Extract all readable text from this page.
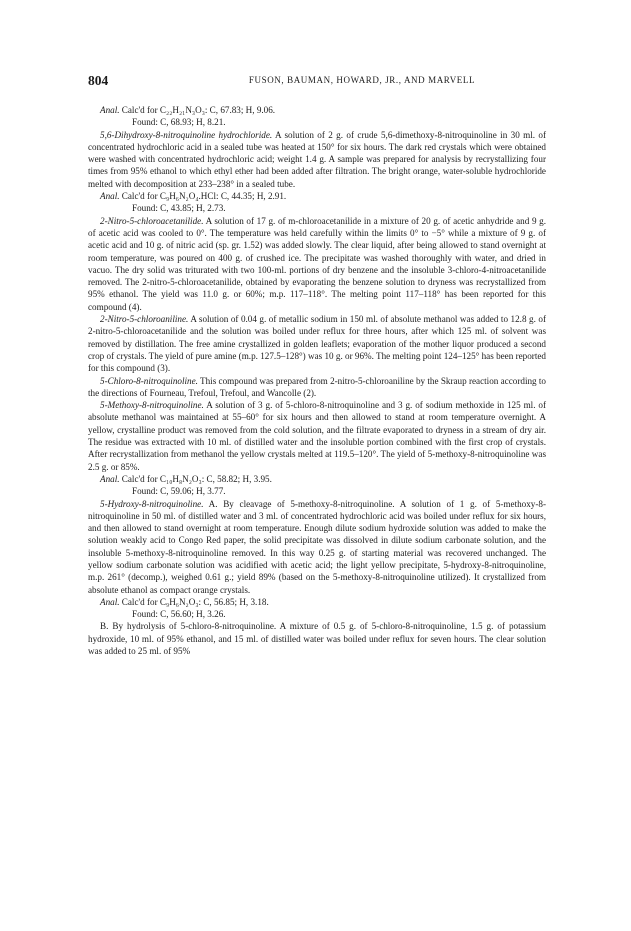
804	FUSON, BAUMAN, HOWARD, JR., AND MARVELL

Anal. Calc'd for C₂₂H₂₁N₃O₃: C, 67.83; H, 9.06.

Found: C, 68.93; H, 8.21.

5,6-Dihydroxy-8-nitroquinoline hydrochloride. A solution of 2 g. of crude 5,6-dimethoxy-8-nitroquinoline in 30 ml. of concentrated hydrochloric acid in a sealed tube was heated at 150° for six hours. The dark red crystals which were obtained were washed with concentrated hydrochloric acid; weight 1.4 g. A sample was prepared for analysis by recrystallizing four times from 95% ethanol to which ethyl ether had been added after filtration. The bright orange, water-soluble hydrochloride melted with decomposition at 233–238° in a sealed tube.

Anal. Calc'd for C₉H₆N₂O₄.HCl: C, 44.35; H, 2.91.

Found: C, 43.85; H, 2.73.

2-Nitro-5-chloroacetanilide. A solution of 17 g. of m-chloroacetanilide in a mixture of 20 g. of acetic anhydride and 9 g. of acetic acid was cooled to 0°. The temperature was held carefully within the limits 0° to −5° while a mixture of 9 g. of acetic acid and 10 g. of nitric acid (sp. gr. 1.52) was added slowly. The clear liquid, after being allowed to stand overnight at room temperature, was poured on 400 g. of crushed ice. The precipitate was washed thoroughly with water, and dried in vacuo. The dry solid was triturated with two 100-ml. portions of dry benzene and the insoluble 3-chloro-4-nitroacetanilide removed. The 2-nitro-5-chloroacetanilide, obtained by evaporating the benzene solution to dryness was recrystallized from 95% ethanol. The yield was 11.0 g. or 60%; m.p. 117–118°. The melting point 117–118° has been reported for this compound (4).

2-Nitro-5-chloroaniline. A solution of 0.04 g. of metallic sodium in 150 ml. of absolute methanol was added to 12.8 g. of 2-nitro-5-chloroacetanilide and the solution was boiled under reflux for three hours, after which 125 ml. of solvent was removed by distillation. The free amine crystallized in golden leaflets; evaporation of the mother liquor produced a second crop of crystals. The yield of pure amine (m.p. 127.5–128°) was 10 g. or 96%. The melting point 124–125° has been reported for this compound (3).

5-Chloro-8-nitroquinoline. This compound was prepared from 2-nitro-5-chloroaniline by the Skraup reaction according to the directions of Fourneau, Trefoul, Trefoul, and Wancolle (2).

5-Methoxy-8-nitroquinoline. A solution of 3 g. of 5-chloro-8-nitroquinoline and 3 g. of sodium methoxide in 125 ml. of absolute methanol was maintained at 55–60° for six hours and then allowed to stand at room temperature overnight. A yellow, crystalline product was removed from the cold solution, and the filtrate evaporated to dryness in a stream of dry air. The residue was extracted with 10 ml. of distilled water and the insoluble portion combined with the first crop of crystals. After recrystallization from methanol the yellow crystals melted at 119.5–120°. The yield of 5-methoxy-8-nitroquinoline was 2.5 g. or 85%.

Anal. Calc'd for C₁₀H₈N₂O₃: C, 58.82; H, 3.95.

Found: C, 59.06; H, 3.77.

5-Hydroxy-8-nitroquinoline. A. By cleavage of 5-methoxy-8-nitroquinoline. A solution of 1 g. of 5-methoxy-8-nitroquinoline in 50 ml. of distilled water and 3 ml. of concentrated hydrochloric acid was boiled under reflux for six hours, and then allowed to stand overnight at room temperature. Enough dilute sodium hydroxide solution was added to make the solution weakly acid to Congo Red paper, the solid precipitate was dissolved in dilute sodium carbonate solution, and the insoluble 5-methoxy-8-nitroquinoline removed. In this way 0.25 g. of starting material was recovered unchanged. The yellow sodium carbonate solution was acidified with acetic acid; the light yellow precipitate, 5-hydroxy-8-nitroquinoline, m.p. 261° (decomp.), weighed 0.61 g.; yield 89% (based on the 5-methoxy-8-nitroquinoline utilized). It crystallized from absolute ethanol as compact orange crystals.

Anal. Calc'd for C₉H₆N₂O₃: C, 56.85; H, 3.18.

Found: C, 56.60; H, 3.26.

B. By hydrolysis of 5-chloro-8-nitroquinoline. A mixture of 0.5 g. of 5-chloro-8-nitroquinoline, 1.5 g. of potassium hydroxide, 10 ml. of 95% ethanol, and 15 ml. of distilled water was boiled under reflux for seven hours. The clear solution was added to 25 ml. of 95%
